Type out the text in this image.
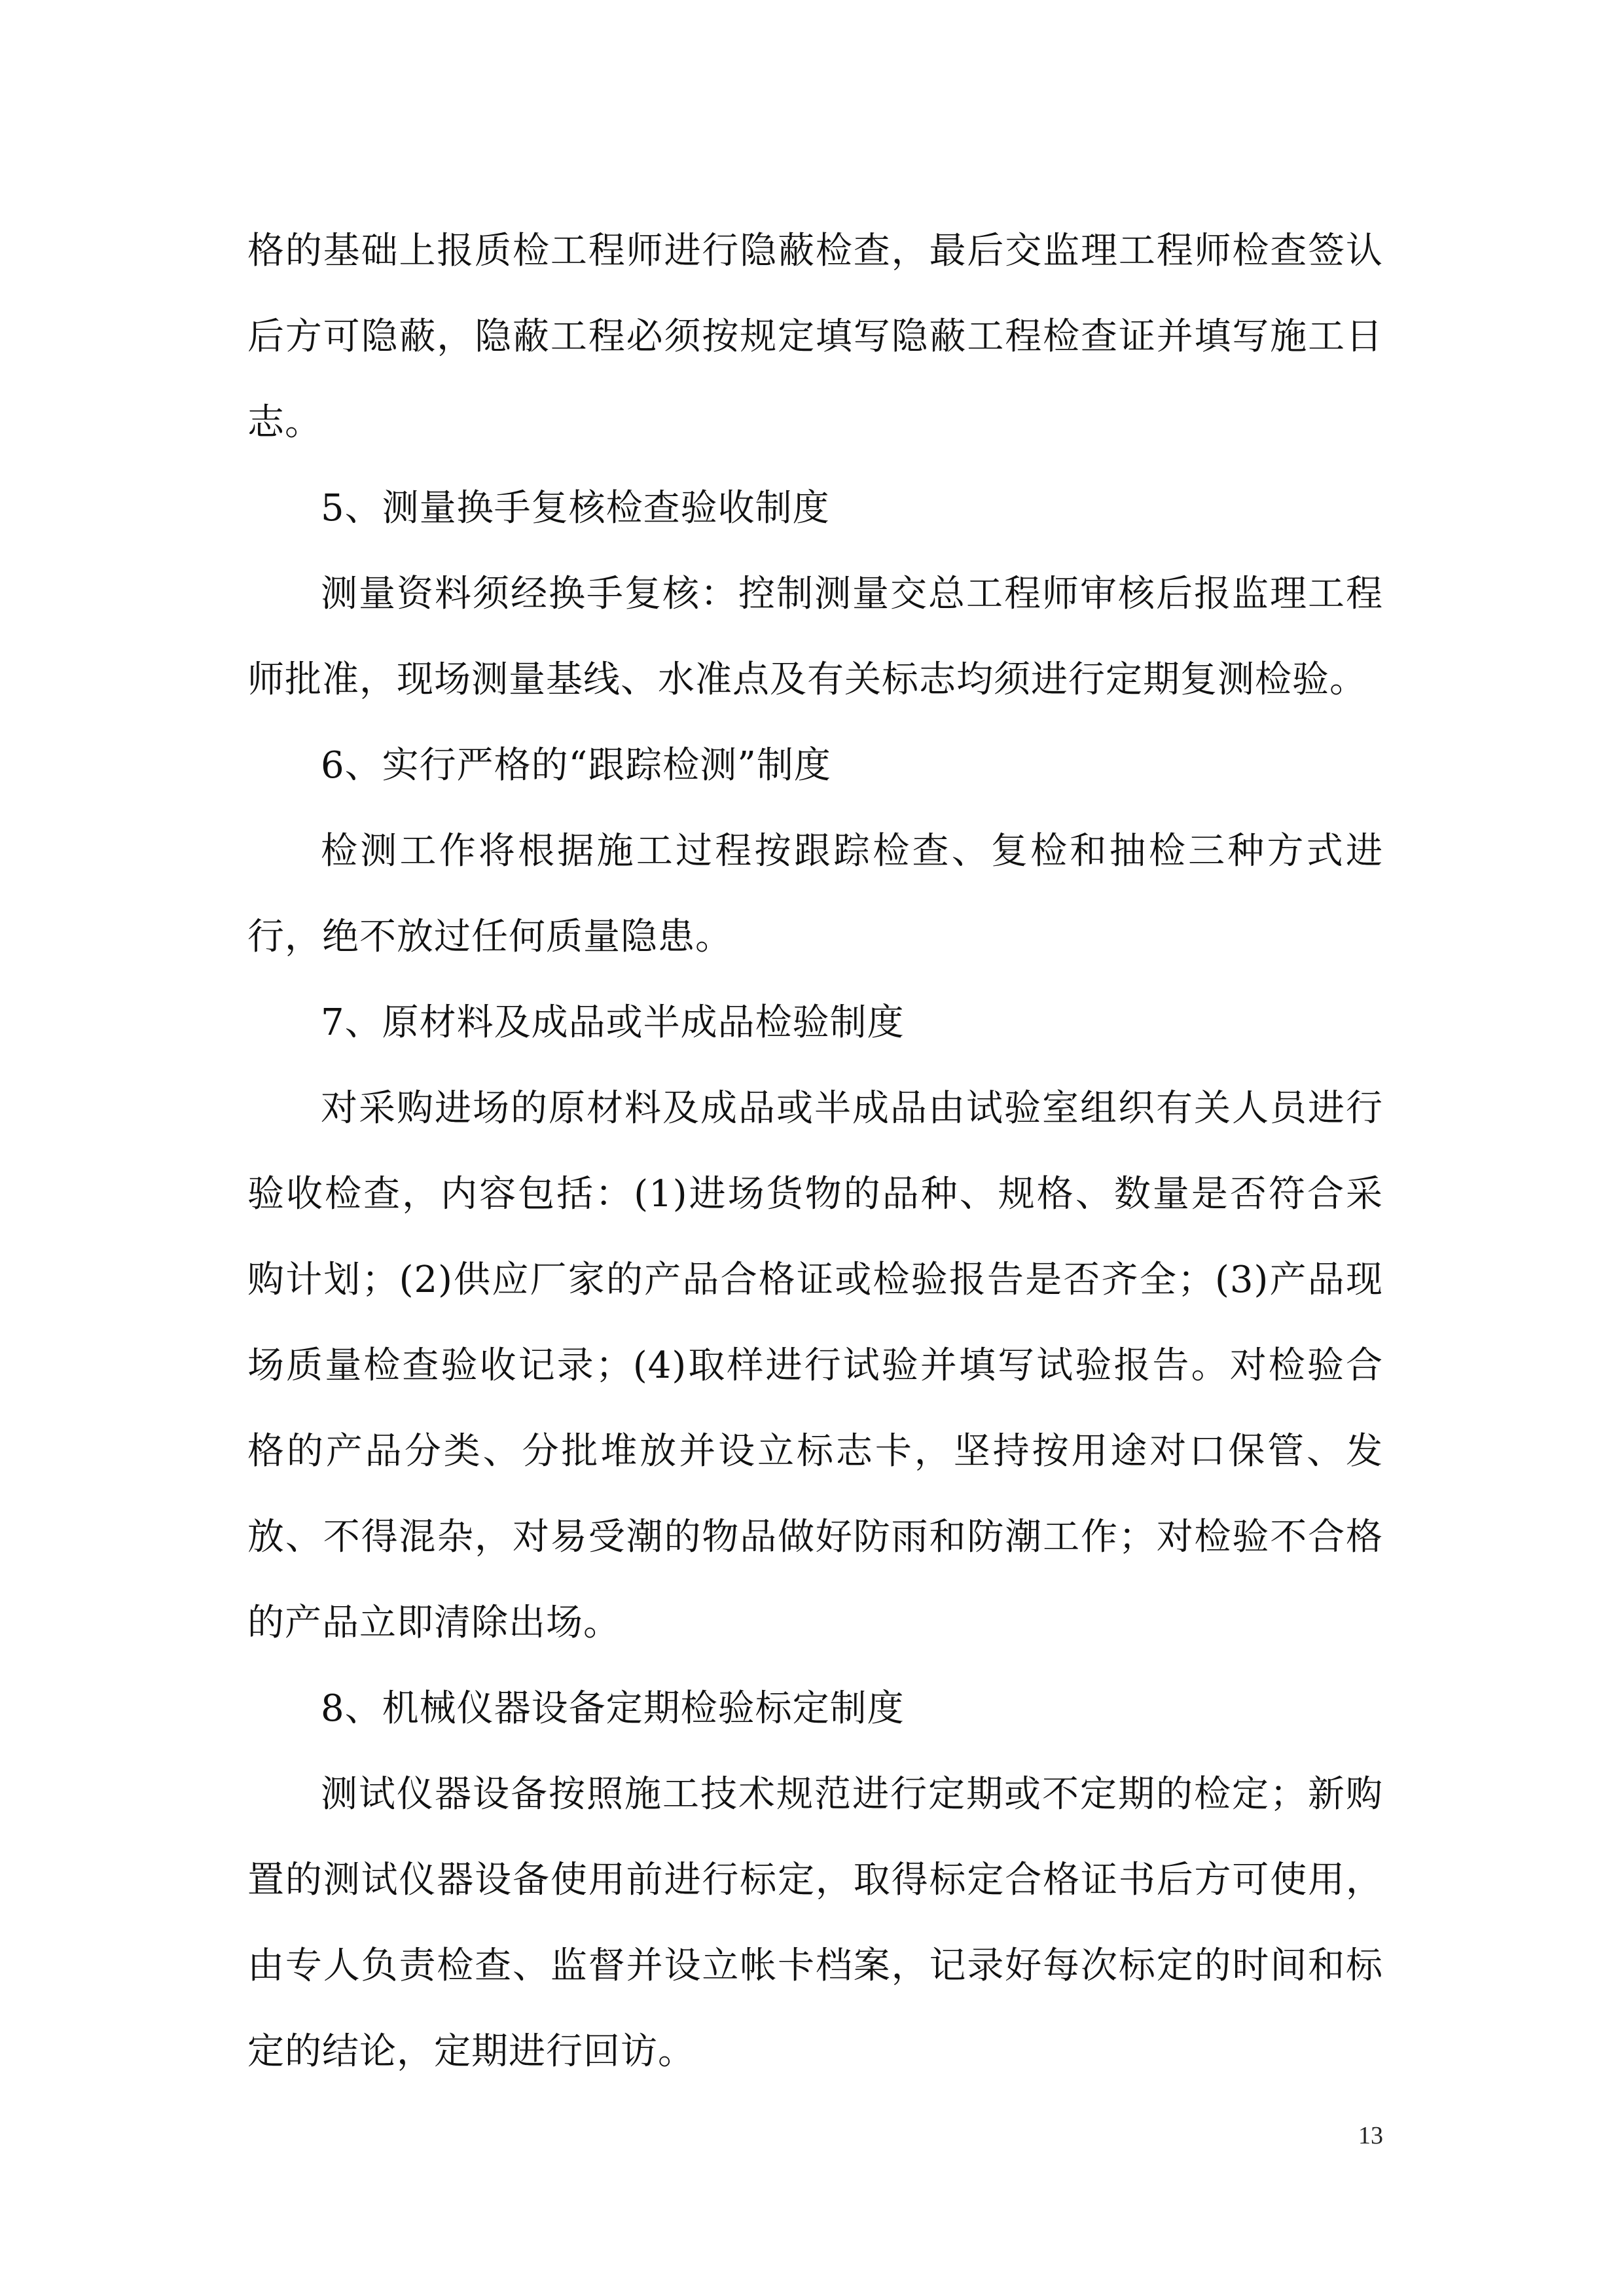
格的基础上报质检工程师进行隐蔽检查，最后交监理工程师检查签认后方可隐蔽，隐蔽工程必须按规定填写隐蔽工程检查证并填写施工日志。

5、测量换手复核检查验收制度

测量资料须经换手复核：控制测量交总工程师审核后报监理工程师批准，现场测量基线、水准点及有关标志均须进行定期复测检验。

6、实行严格的“跟踪检测”制度

检测工作将根据施工过程按跟踪检查、复检和抽检三种方式进行，绝不放过任何质量隐患。

7、原材料及成品或半成品检验制度

对采购进场的原材料及成品或半成品由试验室组织有关人员进行验收检查，内容包括：(1)进场货物的品种、规格、数量是否符合采购计划；(2)供应厂家的产品合格证或检验报告是否齐全；(3)产品现场质量检查验收记录；(4)取样进行试验并填写试验报告。对检验合格的产品分类、分批堆放并设立标志卡，坚持按用途对口保管、发放、不得混杂，对易受潮的物品做好防雨和防潮工作；对检验不合格的产品立即清除出场。

8、机械仪器设备定期检验标定制度

测试仪器设备按照施工技术规范进行定期或不定期的检定；新购置的测试仪器设备使用前进行标定，取得标定合格证书后方可使用，由专人负责检查、监督并设立帐卡档案，记录好每次标定的时间和标定的结论，定期进行回访。

13
